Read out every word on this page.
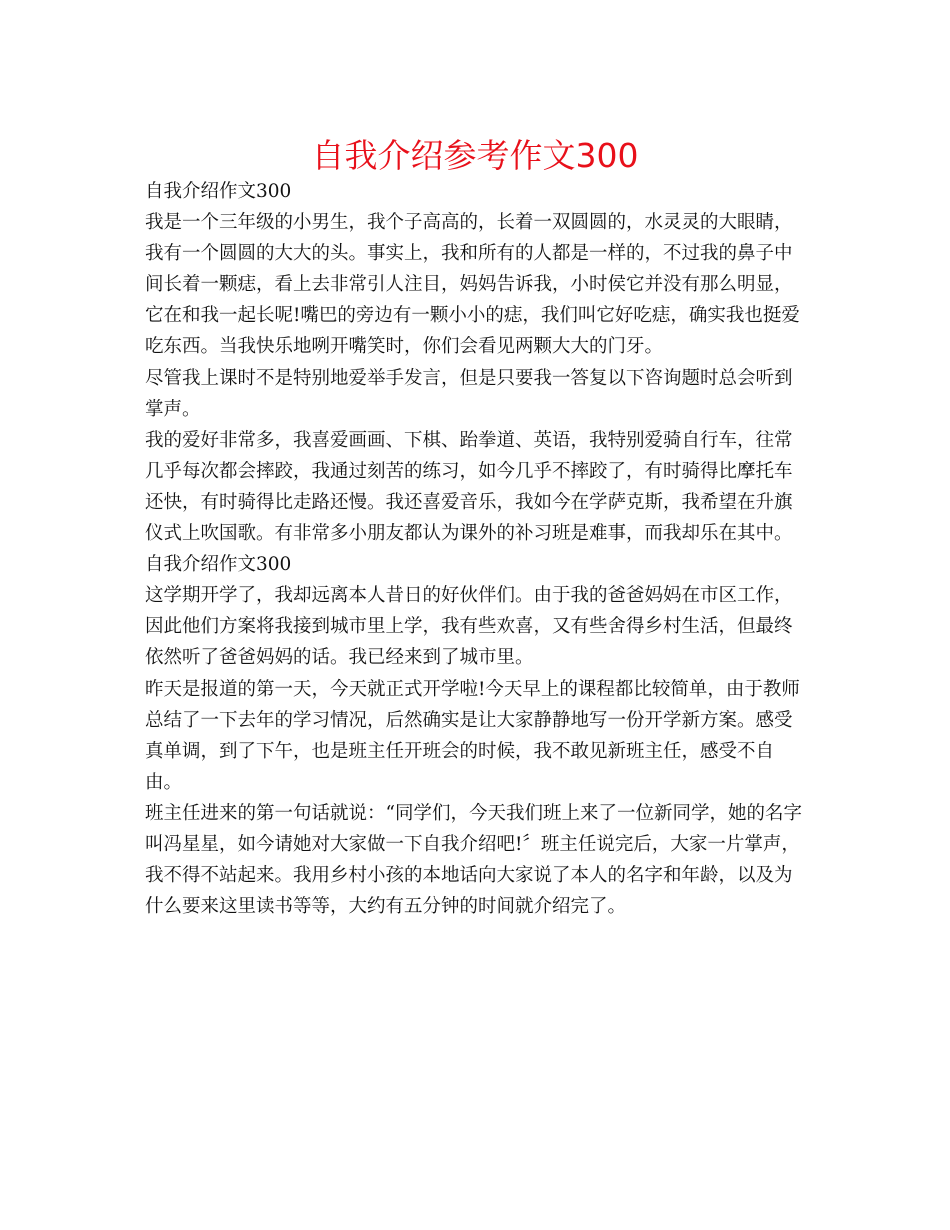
自我介绍参考作文300
自我介绍作文300
我是一个三年级的小男生，我个子高高的，长着一双圆圆的，水灵灵的大眼睛，
我有一个圆圆的大大的头。事实上，我和所有的人都是一样的，不过我的鼻子中
间长着一颗痣，看上去非常引人注目，妈妈告诉我，小时侯它并没有那么明显，
它在和我一起长呢!嘴巴的旁边有一颗小小的痣，我们叫它好吃痣，确实我也挺爱
吃东西。当我快乐地咧开嘴笑时，你们会看见两颗大大的门牙。
尽管我上课时不是特别地爱举手发言，但是只要我一答复以下咨询题时总会听到
掌声。
我的爱好非常多，我喜爱画画、下棋、跆拳道、英语，我特别爱骑自行车，往常
几乎每次都会摔跤，我通过刻苦的练习，如今几乎不摔跤了，有时骑得比摩托车
还快，有时骑得比走路还慢。我还喜爱音乐，我如今在学萨克斯，我希望在升旗
仪式上吹国歌。有非常多小朋友都认为课外的补习班是难事，而我却乐在其中。
自我介绍作文300
这学期开学了，我却远离本人昔日的好伙伴们。由于我的爸爸妈妈在市区工作，
因此他们方案将我接到城市里上学，我有些欢喜，又有些舍得乡村生活，但最终
依然听了爸爸妈妈的话。我已经来到了城市里。
昨天是报道的第一天，今天就正式开学啦!今天早上的课程都比较简单，由于教师
总结了一下去年的学习情况，后然确实是让大家静静地写一份开学新方案。感受
真单调，到了下午，也是班主任开班会的时候，我不敢见新班主任，感受不自
由。
班主任进来的第一句话就说：“同学们，今天我们班上来了一位新同学，她的名字
叫冯星星，如今请她对大家做一下自我介绍吧!〞班主任说完后，大家一片掌声，
我不得不站起来。我用乡村小孩的本地话向大家说了本人的名字和年龄，以及为
什么要来这里读书等等，大约有五分钟的时间就介绍完了。
